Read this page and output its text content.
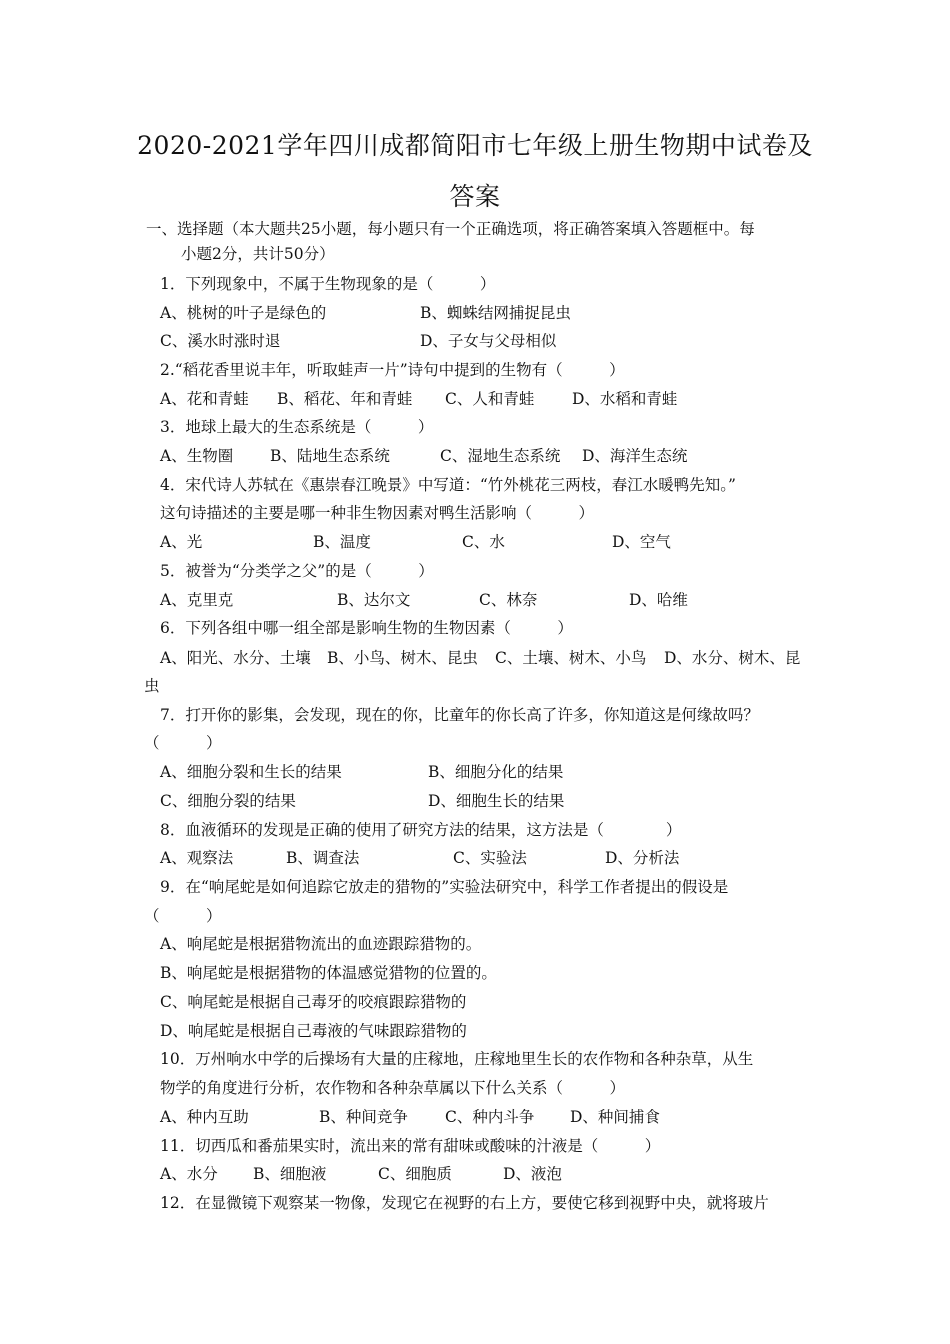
2020-2021学年四川成都简阳市七年级上册生物期中试卷及
答案
一、选择题（本大题共25小题，每小题只有一个正确选项，将正确答案填入答题框中。每
小题2分，共计50分）
1．下列现象中，不属于生物现象的是（　　　）
A、桃树的叶子是绿色的	B、蜘蛛结网捕捉昆虫
C、溪水时涨时退	D、子女与父母相似
2.“稻花香里说丰年，听取蛙声一片”诗句中提到的生物有（　　　）
A、花和青蛙 B、稻花、年和青蛙 C、人和青蛙 D、水稻和青蛙
3．地球上最大的生态系统是（　　　）
A、生物圈 B、陆地生态系统	C、湿地生态系统 D、海洋生态统
4．宋代诗人苏轼在《惠崇春江晚景》中写道：“竹外桃花三两枝，春江水暖鸭先知。”
这句诗描述的主要是哪一种非生物因素对鸭生活影响（　　　）
A、光	B、温度	C、水	D、空气
5．被誉为“分类学之父”的是（　　　）
A、克里克	B、达尔文	C、林奈	D、哈维
6．下列各组中哪一组全部是影响生物的生物因素（　　　）
A、阳光、水分、土壤 B、小鸟、树木、昆虫 C、土壤、树木、小鸟 D、水分、树木、昆
虫
7．打开你的影集，会发现，现在的你，比童年的你长高了许多，你知道这是何缘故吗？
（　　　）
A、细胞分裂和生长的结果	B、细胞分化的结果
C、细胞分裂的结果	D、细胞生长的结果
8．血液循环的发现是正确的使用了研究方法的结果，这方法是（　　　　）
A、观察法	B、调查法	C、实验法	D、分析法
9．在“响尾蛇是如何追踪它放走的猎物的”实验法研究中，科学工作者提出的假设是
（　　　）
A、响尾蛇是根据猎物流出的血迹跟踪猎物的。
B、响尾蛇是根据猎物的体温感觉猎物的位置的。
C、响尾蛇是根据自己毒牙的咬痕跟踪猎物的
D、响尾蛇是根据自己毒液的气味跟踪猎物的
10．万州响水中学的后操场有大量的庄稼地，庄稼地里生长的农作物和各种杂草，从生
物学的角度进行分析，农作物和各种杂草属以下什么关系（　　　）
A、种内互助	B、种间竞争 C、种内斗争 D、种间捕食
11．切西瓜和番茄果实时，流出来的常有甜味或酸味的汁液是（　　　）
A、水分 B、细胞液	C、细胞质	D、液泡
12．在显微镜下观察某一物像，发现它在视野的右上方，要使它移到视野中央，就将玻片
